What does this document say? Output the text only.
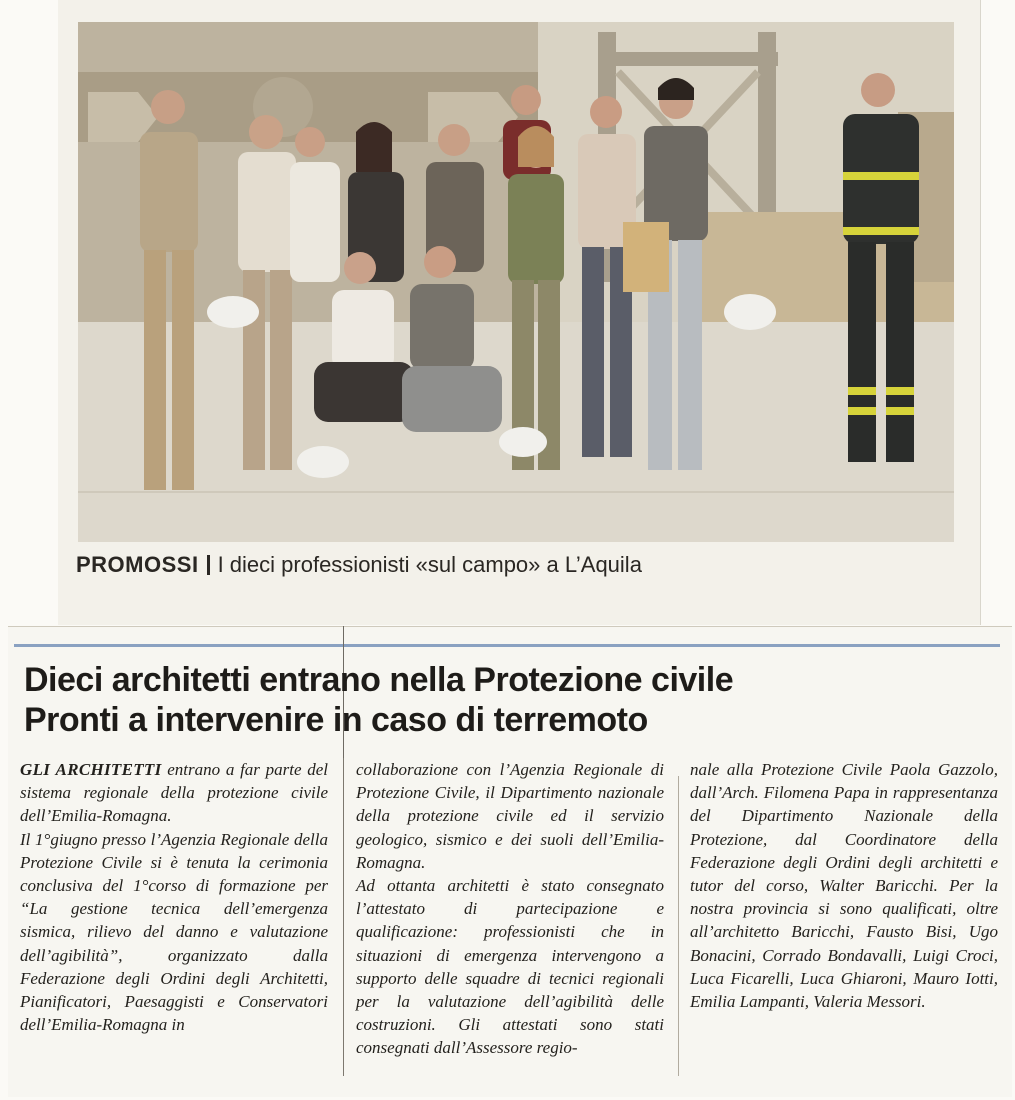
PROMOSSI I dieci professionisti «sul campo» a L’Aquila
Dieci architetti entrano nella Protezione civile
Pronti a intervenire in caso di terremoto

GLI ARCHITETTI entrano a far parte del sistema regionale della protezione civile dell’Emilia-Romagna.

Il 1°giugno presso l’Agenzia Regionale della Protezione Civile si è tenuta la cerimonia conclusiva del 1°corso di formazione per “La gestione tecnica dell’emergenza sismica, rilievo del danno e valutazione dell’agibilità”, organizzato dalla Federazione degli Ordini degli Architetti, Pianificatori, Paesaggisti e Conservatori dell’Emilia-Romagna in

collaborazione con l’Agenzia Regionale di Protezione Civile, il Dipartimento nazionale della protezione civile ed il servizio geologico, sismico e dei suoli dell’Emilia-Romagna.

Ad ottanta architetti è stato consegnato l’attestato di partecipazione e qualificazione: professionisti che in situazioni di emergenza intervengono a supporto delle squadre di tecnici regionali per la valutazione dell’agibilità delle costruzioni. Gli attestati sono stati consegnati dall’Assessore regio-

nale alla Protezione Civile Paola Gazzolo, dall’Arch. Filomena Papa in rappresentanza del Dipartimento Nazionale della Protezione, dal Coordinatore della Federazione degli Ordini degli architetti e tutor del corso, Walter Baricchi. Per la nostra provincia si sono qualificati, oltre all’architetto Baricchi, Fausto Bisi, Ugo Bonacini, Corrado Bondavalli, Luigi Croci, Luca Ficarelli, Luca Ghiaroni, Mauro Iotti, Emilia Lampanti, Valeria Messori.
